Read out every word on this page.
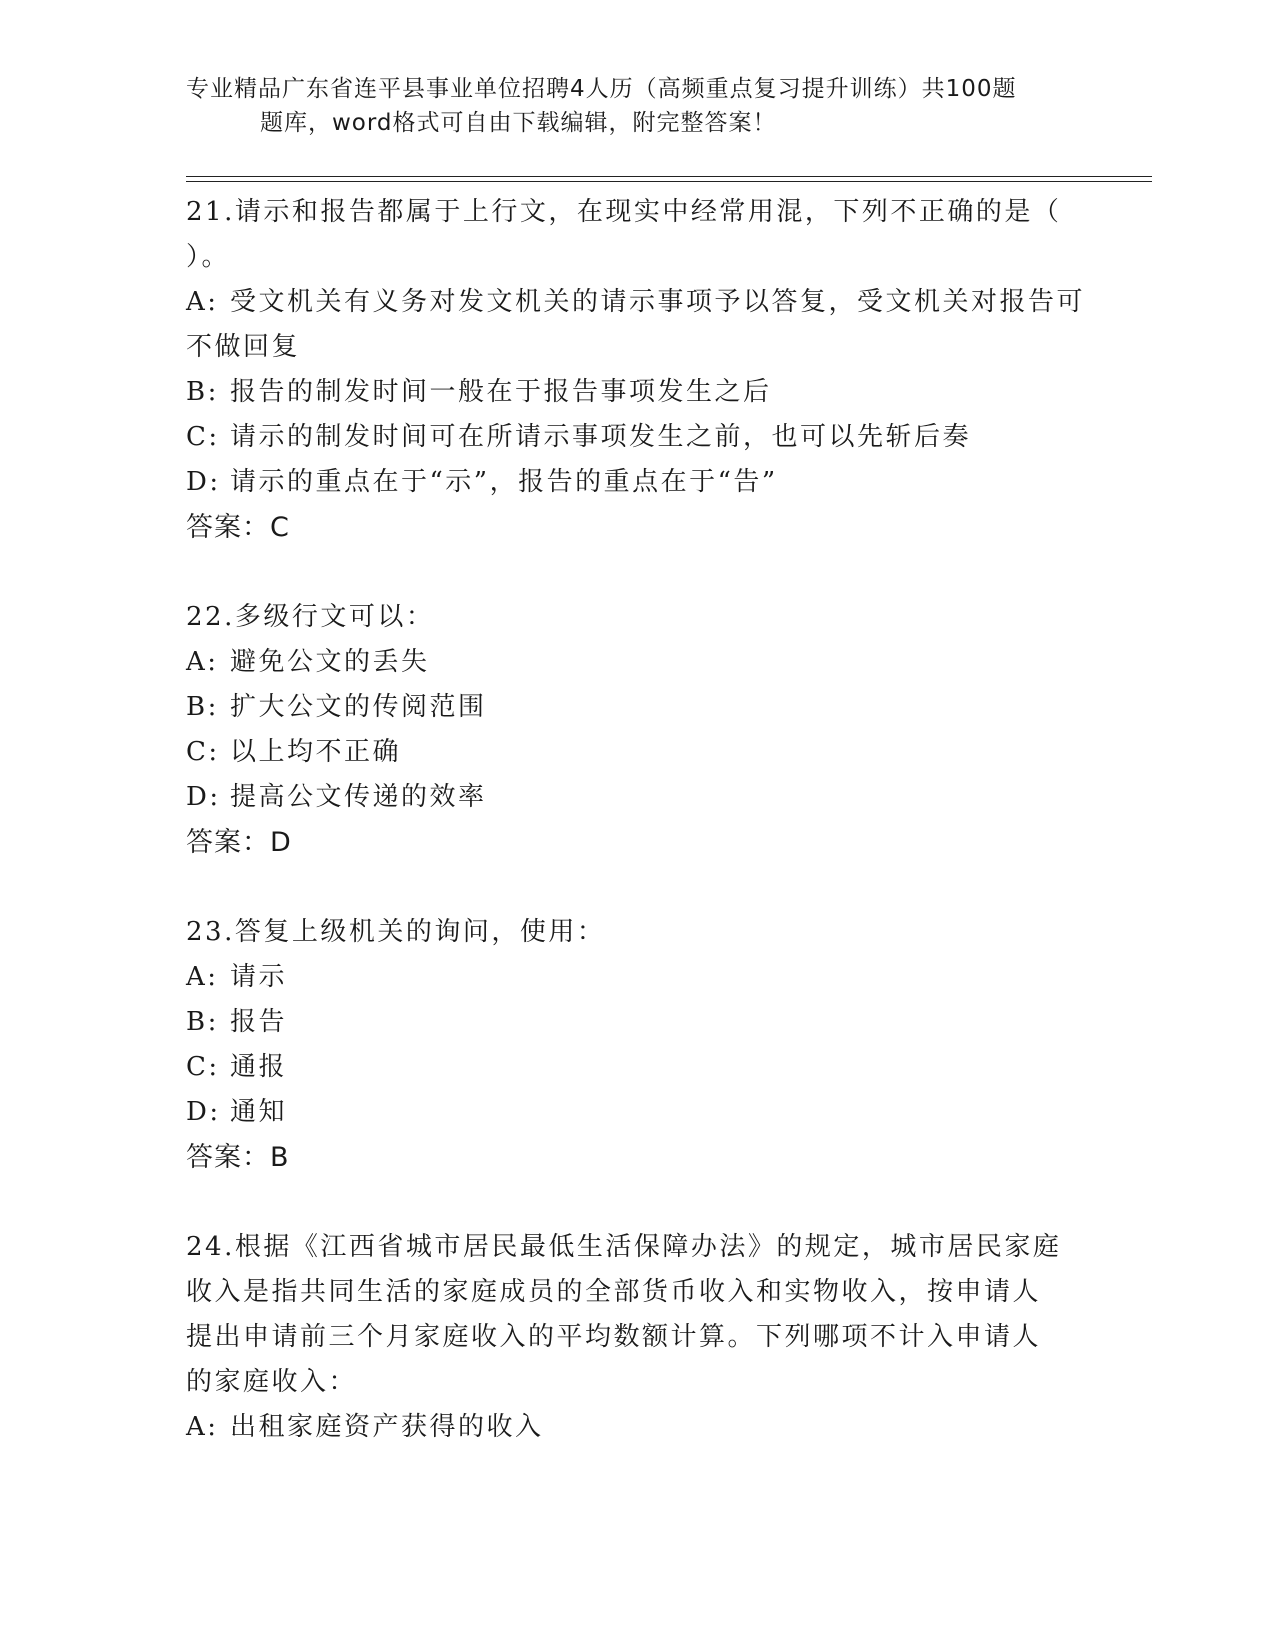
专业精品广东省连平县事业单位招聘4人历（高频重点复习提升训练）共100题
题库，word格式可自由下载编辑，附完整答案！

21.请示和报告都属于上行文，在现实中经常用混，下列不正确的是（ ）。

A: 受文机关有义务对发文机关的请示事项予以答复，受文机关对报告可不做回复

B: 报告的制发时间一般在于报告事项发生之后

C: 请示的制发时间可在所请示事项发生之前，也可以先斩后奏

D: 请示的重点在于“示”，报告的重点在于“告”

答案：C

22.多级行文可以：

A: 避免公文的丢失

B: 扩大公文的传阅范围

C: 以上均不正确

D: 提高公文传递的效率

答案：D

23.答复上级机关的询问，使用：

A: 请示

B: 报告

C: 通报

D: 通知

答案：B

24.根据《江西省城市居民最低生活保障办法》的规定，城市居民家庭收入是指共同生活的家庭成员的全部货币收入和实物收入，按申请人提出申请前三个月家庭收入的平均数额计算。下列哪项不计入申请人的家庭收入：

A: 出租家庭资产获得的收入
